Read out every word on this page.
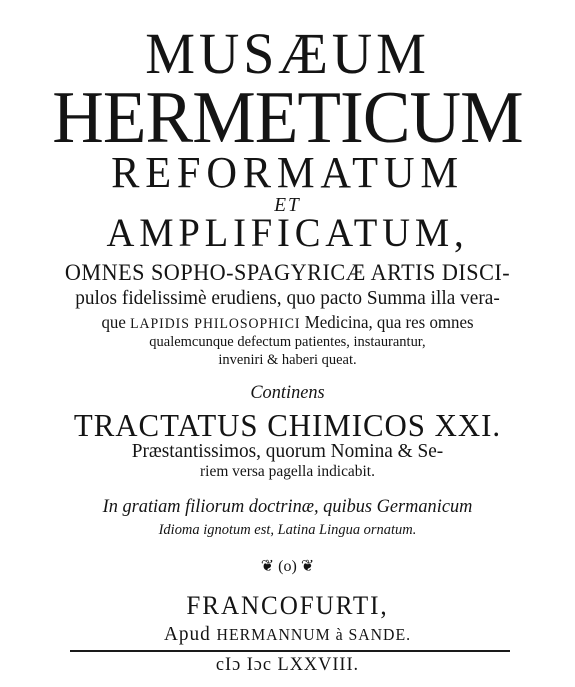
MUSÆUM
HERMETICUM
REFORMATUM
ET
AMPLIFICATUM,
OMNES SOPHO-SPAGYRICÆ ARTIS DISCI-
pulos fidelissimè erudiens, quo pacto Summa illa vera-
que LAPIDIS PHILOSOPHICI Medicina, qua res omnes
qualemcunque defectum patientes, instaurantur,
inveniri & haberi queat.
Continens
TRACTATUS CHIMICOS XXI.
Præstantissimos, quorum Nomina & Se-
riem versa pagella indicabit.
In gratiam filiorum doctrinæ, quibus Germanicum
Idioma ignotum est, Latina Lingua ornatum.
❦ (o) ❦
FRANCOFURTI,
Apud HERMANNUM à SANDE.
cIɔ Iɔc LXXVIII.
